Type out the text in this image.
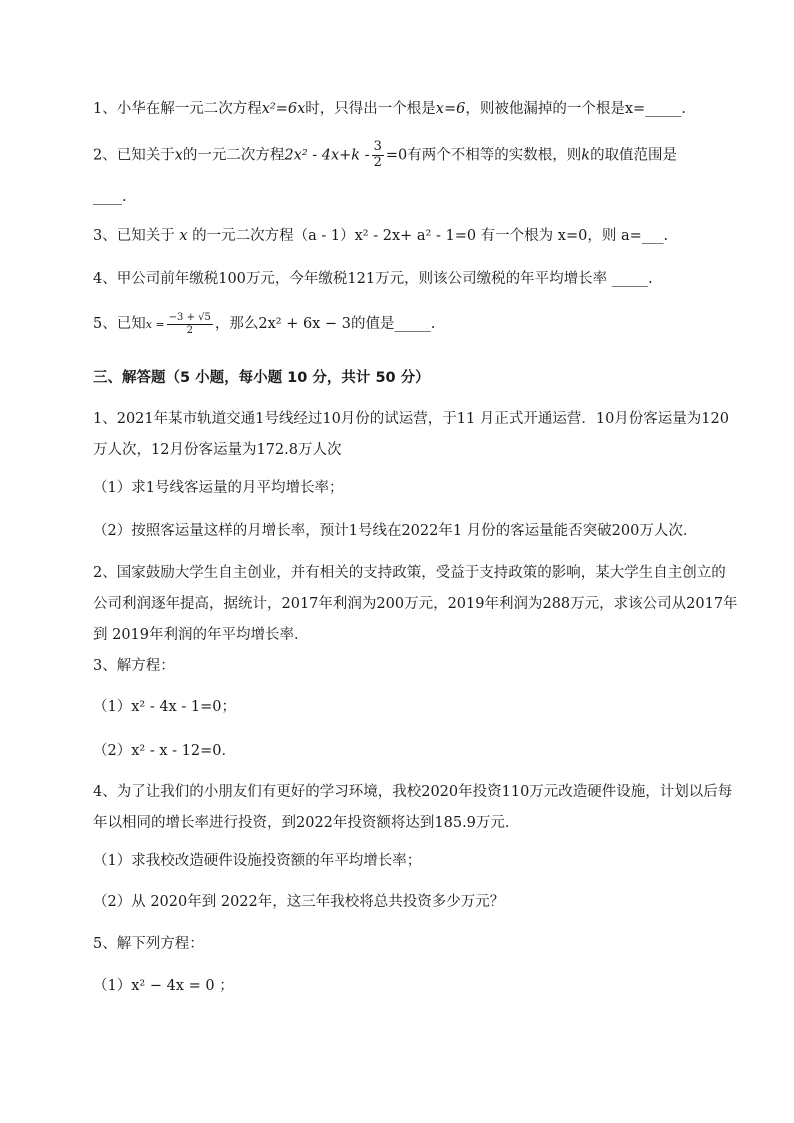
1、小华在解一元二次方程x²=6x时，只得出一个根是x=6，则被他漏掉的一个根是x=_____.
2、已知关于x的一元二次方程$2x^2 - 4x+k - \frac{3}{2} =0$有两个不相等的实数根，则k的取值范围是
____.
3、已知关于 x 的一元二次方程（a - 1）x² - 2x+ a² - 1=0 有一个根为 x=0，则 a=___.
4、甲公司前年缴税100万元，今年缴税121万元，则该公司缴税的年平均增长率 _____.
5、已知$x = \frac{-3 + √5}{2}$ ，那么2x² + 6x − 3的值是_____.
三、解答题（5 小题，每小题 10 分，共计 50 分）
1、2021年某市轨道交通1号线经过10月份的试运营，于11 月正式开通运营．10月份客运量为120万人次，12月份客运量为172.8万人次
（1）求1号线客运量的月平均增长率；
（2）按照客运量这样的月增长率，预计1号线在2022年1 月份的客运量能否突破200万人次．
2、国家鼓励大学生自主创业，并有相关的支持政策，受益于支持政策的影响，某大学生自主创立的公司利润逐年提高，据统计，2017年利润为200万元，2019年利润为288万元，求该公司从2017年到 2019年利润的年平均增长率．
3、解方程：
（1）x² - 4x - 1=0；
（2）x² - x - 12=0．
4、为了让我们的小朋友们有更好的学习环境，我校2020年投资110万元改造硬件设施，计划以后每年以相同的增长率进行投资，到2022年投资额将达到185.9万元．
（1）求我校改造硬件设施投资额的年平均增长率；
（2）从 2020年到 2022年，这三年我校将总共投资多少万元？
5、解下列方程：
（1）x² − 4x = 0 ；
